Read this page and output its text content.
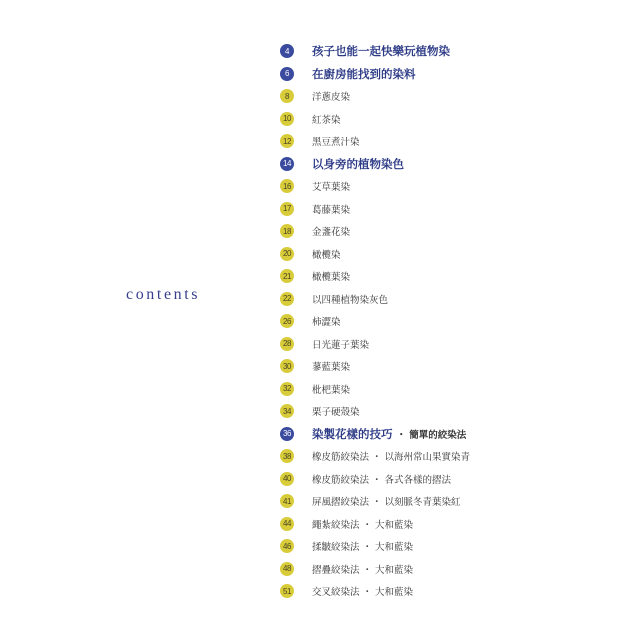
contents
4	孩子也能一起快樂玩植物染
6	在廚房能找到的染料
8	洋蔥皮染
10	紅茶染
12	黑豆煮汁染
14 以身旁的植物染色
16	艾草葉染
17	葛藤葉染
18	金盞花染
20	橄欖染
21	橄欖葉染
22	以四種植物染灰色
26	柿澀染
28	日光蓮子葉染
30	蓼藍葉染
32	枇杷葉染
34	栗子硬殼染
36 染製花樣的技巧 ・ 簡單的絞染法
38	橡皮筋絞染法 ・ 以海州常山果實染青
40	橡皮筋絞染法 ・ 各式各樣的摺法
41	屏風摺絞染法 ・ 以刻脈冬青葉染紅
44	繩紮絞染法 ・ 大和藍染
46	揉皺絞染法 ・ 大和藍染
48	摺疊絞染法 ・ 大和藍染
51	交叉絞染法 ・ 大和藍染
